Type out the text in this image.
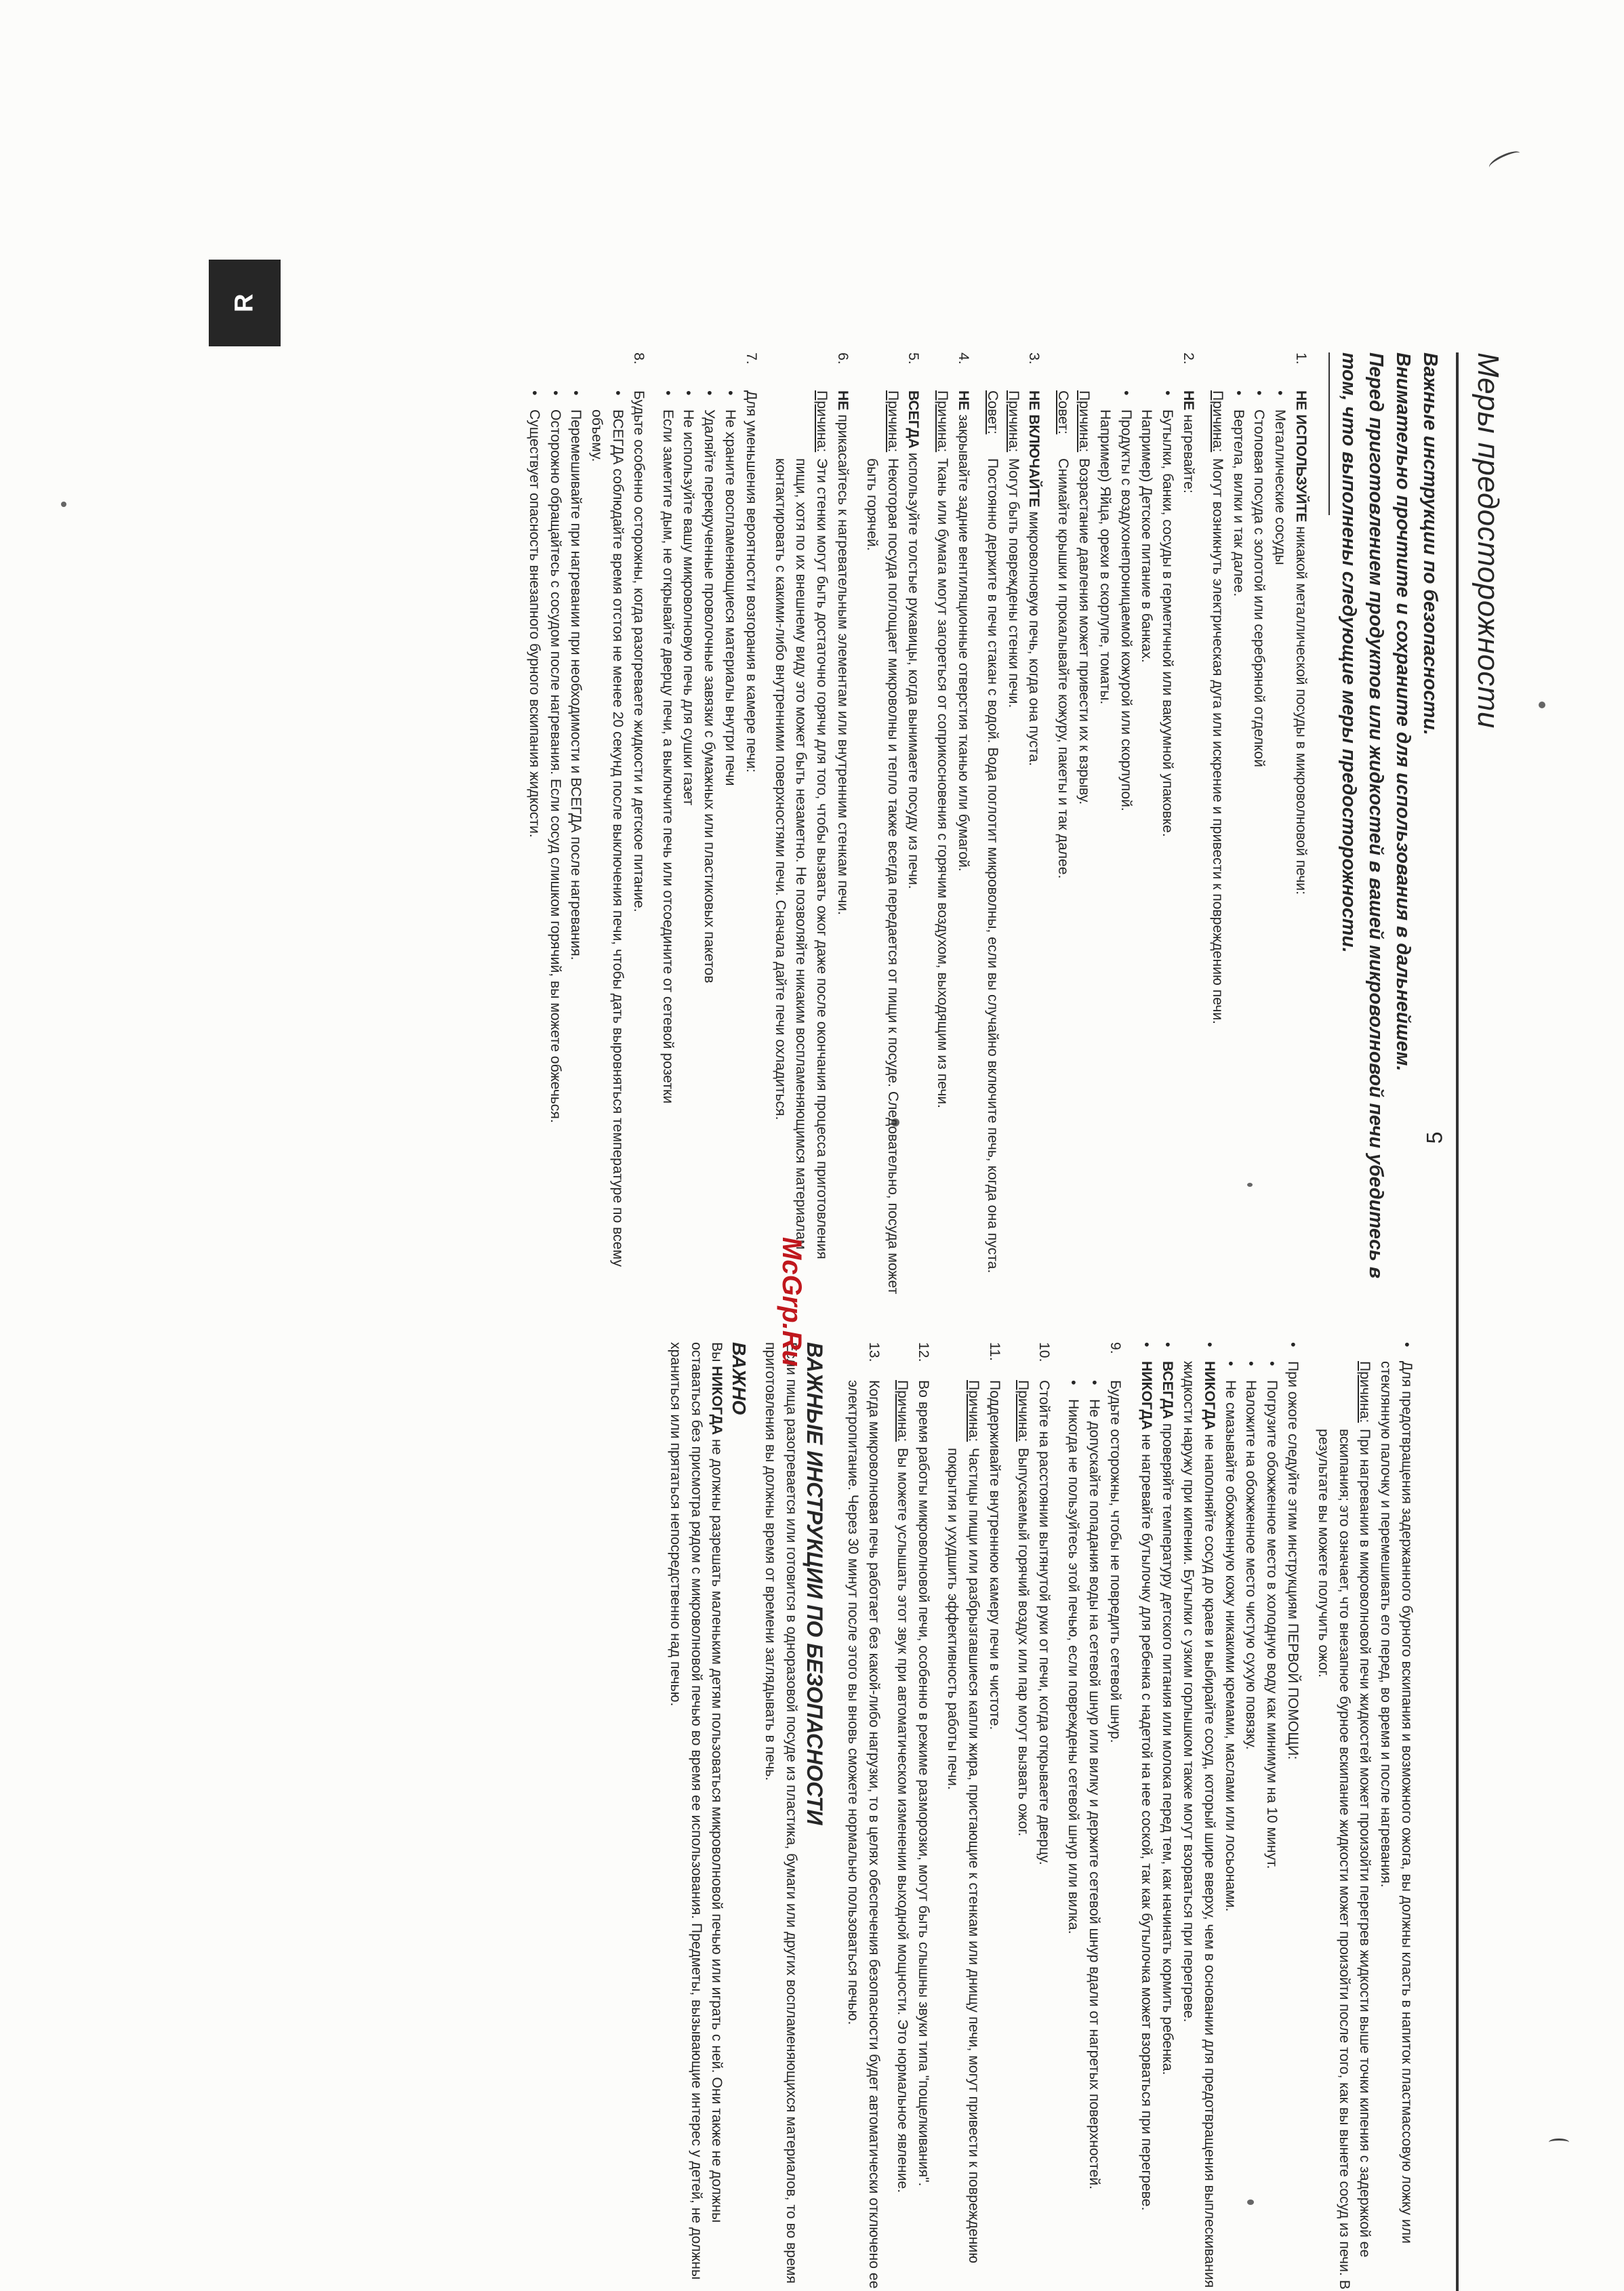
R
5
Меры предосторожности

Важные инструкции по безопасности.

Внимательно прочтите и сохраните для использования в дальнейшем.

Перед приготовлением продуктов или жидкостей в вашей микроволновой печи убедитесь в том, что выполнены следующие меры предосторожности.

1.
НЕ ИСПОЛЬЗУЙТЕ никакой металлической посуды в микроволновой печи:
• Металлические сосуды
• Столовая посуда с золотой или серебряной отделкой
• Вертела, вилки и так далее.
Причина:
Могут возникнуть электрическая дуга или искрение и привести к повреждению печи.
2.
НЕ нагревайте:
• Бутылки, банки, сосуды в герметичной или вакуумной упаковке.
Например) Детское питание в банках.
• Продукты с воздухонепроницаемой кожурой или скорлупой.
Например) Яйца, орехи в скорлупе, томаты.
Причина:
Возрастание давления может привести их к взрыву.
Совет:
Снимайте крышки и прокалывайте кожуру, пакеты и так далее.
3.
НЕ ВКЛЮЧАЙТЕ микроволновую печь, когда она пуста.
Причина:
Могут быть повреждены стенки печи.
Совет:
Постоянно держите в печи стакан с водой. Вода поглотит микроволны, если вы случайно включите печь, когда она пуста.
4.
НЕ закрывайте задние вентиляционные отверстия тканью или бумагой.
Причина:
Ткань или бумага могут загореться от соприкосновения с горячим воздухом, выходящим из печи.
5.
ВСЕГДА используйте толстые рукавицы, когда вынимаете посуду из печи.
Причина:
Некоторая посуда поглощает микроволны и тепло также всегда передается от пищи к посуде. Следовательно, посуда может быть горячей.
6.
НЕ прикасайтесь к нагревательным элементам или внутренним стенкам печи.
Причина:
Эти стенки могут быть достаточно горячи для того, чтобы вызвать ожог даже после окончания процесса приготовления пищи, хотя по их внешнему виду это может быть незаметно. Не позволяйте никаким воспламеняющимся материалам контактировать с какими-либо внутренними поверхностями печи. Сначала дайте печи охладиться.
7.
Для уменьшения вероятности возгорания в камере печи:
• Не храните воспламеняющиеся материалы внутри печи
• Удаляйте перекрученные проволочные завязки с бумажных или пластиковых пакетов
• Не используйте вашу микроволновую печь для сушки газет
• Если заметите дым, не открывайте дверцу печи, а выключите печь или отсоедините от сетевой розетки
8.
Будьте особенно осторожны, когда разогреваете жидкости и детское питание.
• ВСЕГДА соблюдайте время отстоя не менее 20 секунд после выключения печи, чтобы дать выровняться температуре по всему объему.
• Перемешивайте при нагревании при необходимости и ВСЕГДА после нагревания.
• Осторожно обращайтесь с сосудом после нагревания. Если сосуд слишком горячий, вы можете обжечься.
• Существует опасность внезапного бурного вскипания жидкости.
• Для предотвращения задержанного бурного вскипания и возможного ожога, вы должны класть в напиток пластмассовую ложку или стеклянную палочку и перемешивать его перед, во время и после нагревания.
Причина:
При нагревании в микроволновой печи жидкостей может произойти перегрев жидкости выше точки кипения с задержкой ее вскипания; это означает, что внезапное бурное вскипание жидкости может произойти после того, как вы вынете сосуд из печи. В результате вы можете получить ожог.
• При ожоге следуйте этим инструкциям ПЕРВОЙ ПОМОЩИ:
• Погрузите обожженное место в холодную воду как минимум на 10 минут.
• Наложите на обожженное место чистую сухую повязку.
• Не смазывайте обожженную кожу никакими кремами, маслами или лосьонами.
• НИКОГДА не наполняйте сосуд до краев и выбирайте сосуд, который шире вверху, чем в основании для предотвращения выплескивания жидкости наружу при кипении. Бутылки с узким горлышком также могут взорваться при перегреве.
• ВСЕГДА проверяйте температуру детского питания или молока перед тем, как начинать кормить ребенка.
• НИКОГДА не нагревайте бутылочку для ребенка с надетой на нее соской, так как бутылочка может взорваться при перегреве.
9.
Будьте осторожны, чтобы не повредить сетевой шнур.
• Не допускайте попадания воды на сетевой шнур или вилку и держите сетевой шнур вдали от нагретых поверхностей.
• Никогда не пользуйтесь этой печью, если повреждены сетевой шнур или вилка.
10.
Стойте на расстоянии вытянутой руки от печи, когда открываете дверцу.
Причина:
Выпускаемый горячий воздух или пар могут вызвать ожог.
11.
Поддерживайте внутреннюю камеру печи в чистоте.
Причина:
Частицы пищи или разбрызгавшиеся капли жира, пристающие к стенкам или днищу печи, могут привести к повреждению покрытия и ухудшить эффективность работы печи.
12.
Во время работы микроволновой печи, особенно в режиме разморозки, могут быть слышны звуки типа "пощелкивания".
Причина:
Вы можете услышать этот звук при автоматическом изменении выходной мощности. Это нормальное явление.
13.
Когда микроволновая печь работает без какой-либо нагрузки, то в целях обеспечения безопасности будет автоматически отключено ее электропитание. Через 30 минут после этого вы вновь сможете нормально пользоваться печью.
ВАЖНЫЕ ИНСТРУКЦИИ ПО БЕЗОПАСНОСТИ
Если пища разогревается или готовится в одноразовой посуде из пластика, бумаги или других воспламеняющихся материалов, то во время приготовления вы должны время от времени заглядывать в печь.
ВАЖНО
Вы НИКОГДА не должны разрешать маленьким детям пользоваться микроволновой печью или играть с ней. Они также не должны оставаться без присмотра рядом с микроволновой печью во время ее использования. Предметы, вызывающие интерес у детей, не должны храниться или прятаться непосредственно над печью.
McGrp.Ru
